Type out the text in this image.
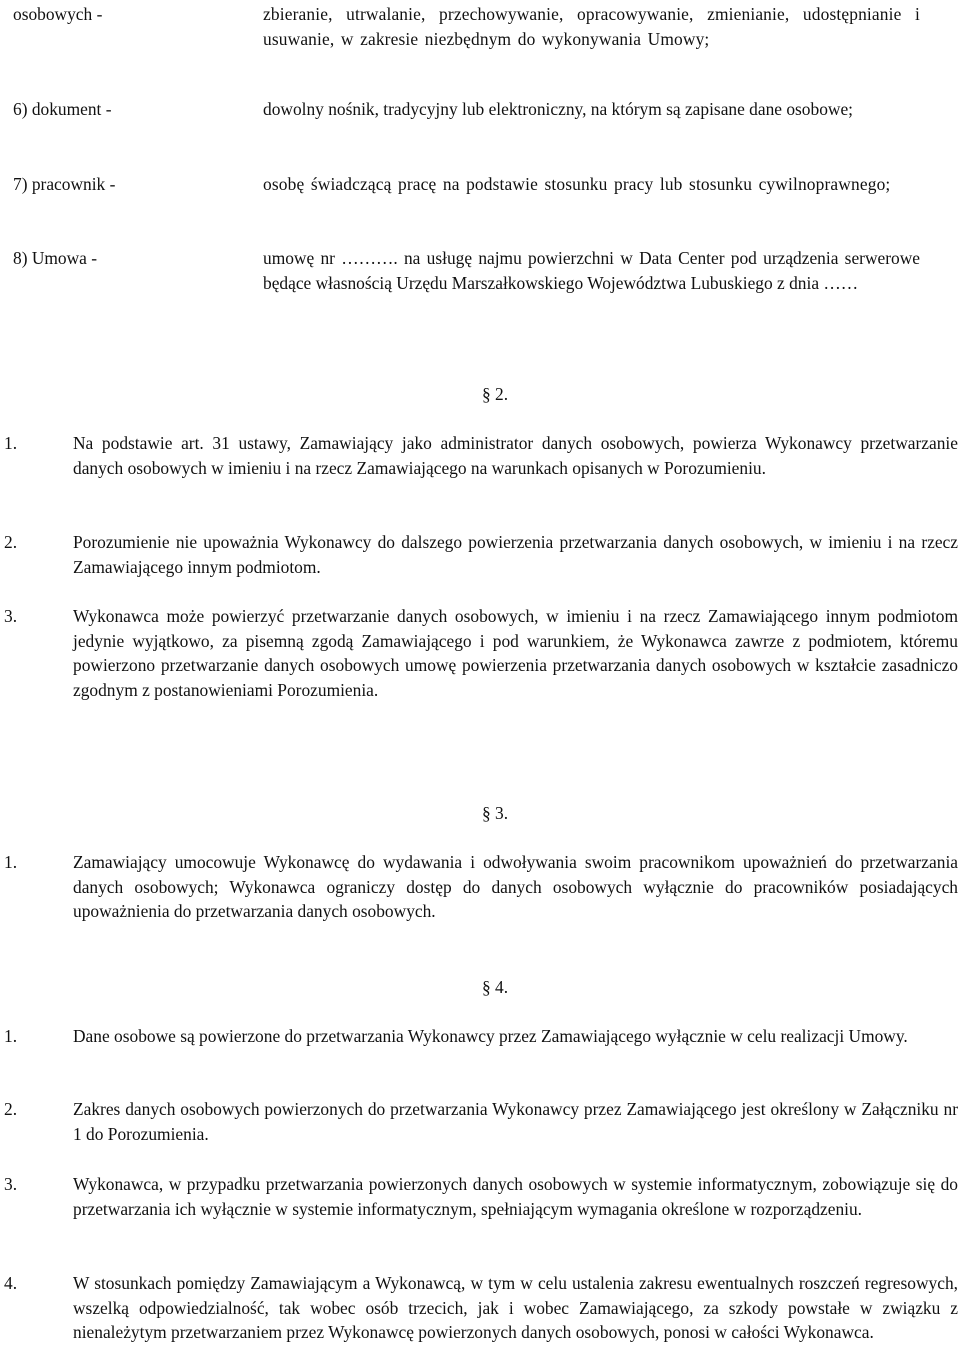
osobowych -	zbieranie, utrwalanie, przechowywanie, opracowywanie, zmienianie, udostępnianie i usuwanie, w zakresie niezbędnym do wykonywania Umowy;
6) dokument -	dowolny nośnik, tradycyjny lub elektroniczny, na którym są zapisane dane osobowe;
7) pracownik -	osobę świadczącą pracę na podstawie stosunku pracy lub stosunku cywilnoprawnego;
8) Umowa -	umowę nr ………. na usługę najmu powierzchni w Data Center pod urządzenia serwerowe będące własnością Urzędu Marszałkowskiego Województwa Lubuskiego z dnia ……
§ 2.
1.	Na podstawie art. 31 ustawy, Zamawiający jako administrator danych osobowych, powierza Wykonawcy przetwarzanie danych osobowych w imieniu i na rzecz Zamawiającego na warunkach opisanych w Porozumieniu.
2.	Porozumienie nie upoważnia Wykonawcy do dalszego powierzenia przetwarzania danych osobowych, w imieniu i na rzecz Zamawiającego innym podmiotom.
3.	Wykonawca może powierzyć przetwarzanie danych osobowych, w imieniu i na rzecz Zamawiającego innym podmiotom jedynie wyjątkowo, za pisemną zgodą Zamawiającego i pod warunkiem, że Wykonawca zawrze z podmiotem, któremu powierzono przetwarzanie danych osobowych umowę powierzenia przetwarzania danych osobowych w kształcie zasadniczo zgodnym z postanowieniami Porozumienia.
§ 3.
1.	Zamawiający umocowuje Wykonawcę do wydawania i odwoływania swoim pracownikom upoważnień do przetwarzania danych osobowych; Wykonawca ograniczy dostęp do danych osobowych wyłącznie do pracowników posiadających upoważnienia do przetwarzania danych osobowych.
§ 4.
1.	Dane osobowe są powierzone do przetwarzania Wykonawcy przez Zamawiającego wyłącznie w celu realizacji Umowy.
2.	Zakres danych osobowych powierzonych do przetwarzania Wykonawcy przez Zamawiającego jest określony w Załączniku nr 1 do Porozumienia.
3.	Wykonawca, w przypadku przetwarzania powierzonych danych osobowych w systemie informatycznym, zobowiązuje się do przetwarzania ich wyłącznie w systemie informatycznym, spełniającym wymagania określone w rozporządzeniu.
4.	W stosunkach pomiędzy Zamawiającym a Wykonawcą, w tym w celu ustalenia zakresu ewentualnych roszczeń regresowych, wszelką odpowiedzialność, tak wobec osób trzecich, jak i wobec Zamawiającego, za szkody powstałe w związku z nienależytym przetwarzaniem przez Wykonawcę powierzonych danych osobowych, ponosi w całości Wykonawca.
